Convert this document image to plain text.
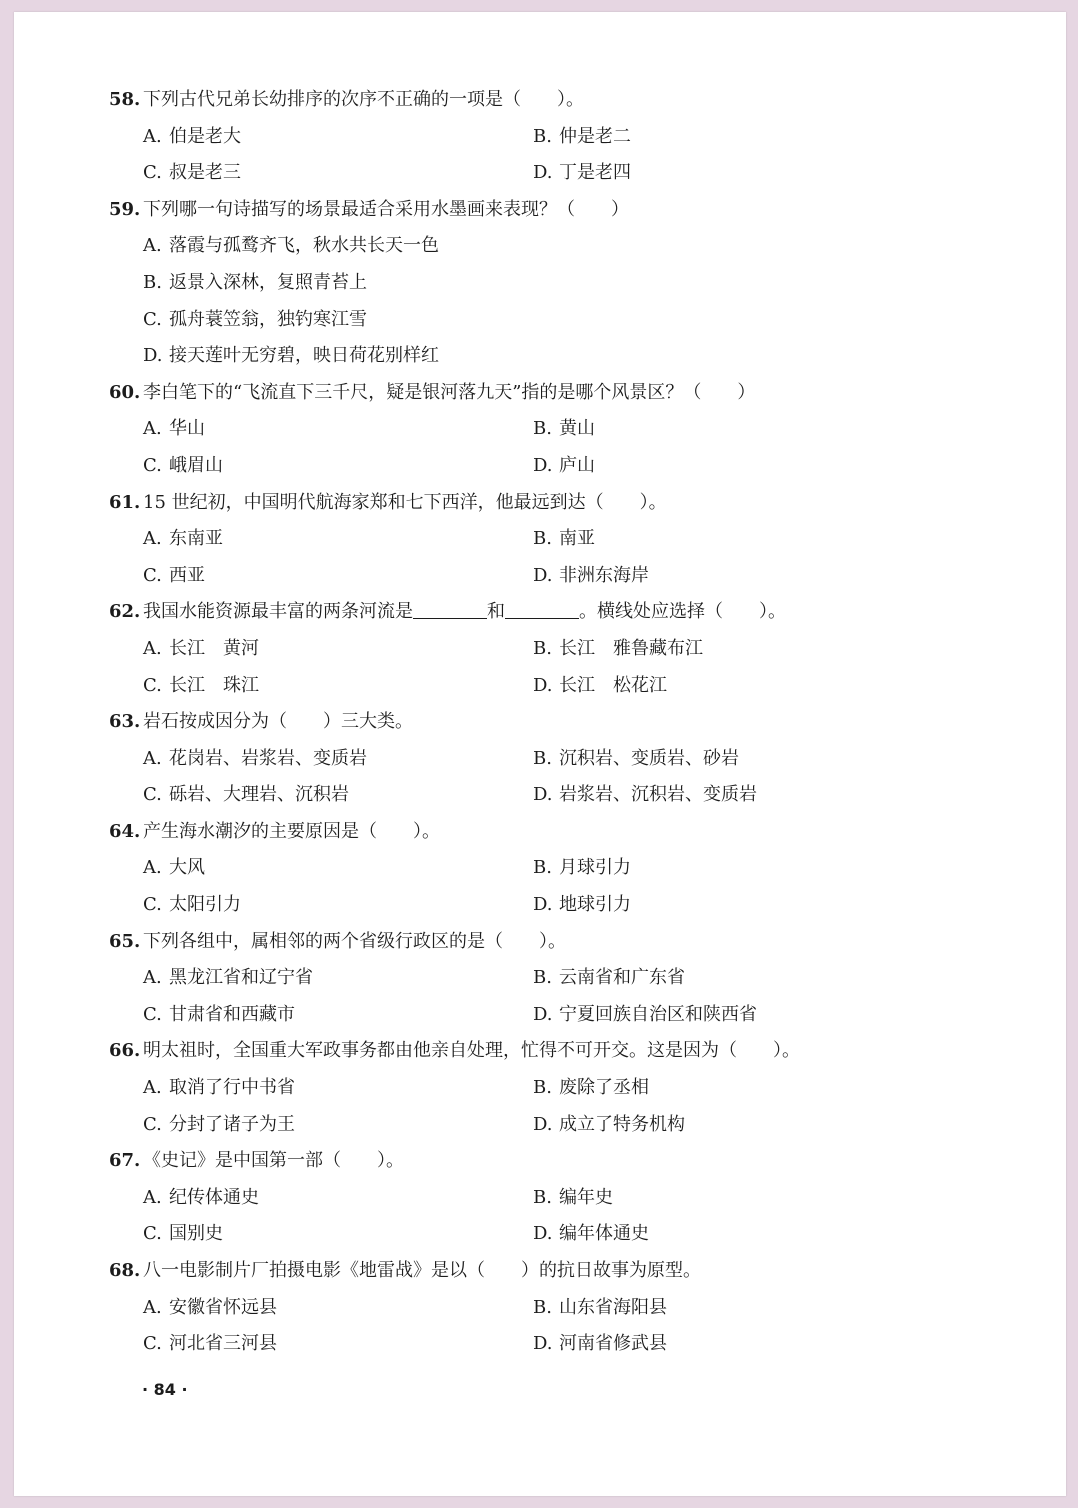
58. 下列古代兄弟长幼排序的次序不正确的一项是（　　）。
A. 伯是老大	B. 仲是老二
C. 叔是老三	D. 丁是老四
59. 下列哪一句诗描写的场景最适合采用水墨画来表现？（　　）
A. 落霞与孤鹜齐飞，秋水共长天一色
B. 返景入深林，复照青苔上
C. 孤舟蓑笠翁，独钓寒江雪
D. 接天莲叶无穷碧，映日荷花别样红
60. 李白笔下的“飞流直下三千尺，疑是银河落九天”指的是哪个风景区？（　　）
A. 华山	B. 黄山
C. 峨眉山	D. 庐山
61. 15 世纪初，中国明代航海家郑和七下西洋，他最远到达（　　）。
A. 东南亚	B. 南亚
C. 西亚	D. 非洲东海岸
62. 我国水能资源最丰富的两条河流是	和	。横线处应选择（　　）。
A. 长江　黄河	B. 长江　雅鲁藏布江
C. 长江　珠江	D. 长江　松花江
63. 岩石按成因分为（　　）三大类。
A. 花岗岩、岩浆岩、变质岩	B. 沉积岩、变质岩、砂岩
C. 砾岩、大理岩、沉积岩	D. 岩浆岩、沉积岩、变质岩
64. 产生海水潮汐的主要原因是（　　）。
A. 大风	B. 月球引力
C. 太阳引力	D. 地球引力
65. 下列各组中，属相邻的两个省级行政区的是（　　）。
A. 黑龙江省和辽宁省	B. 云南省和广东省
C. 甘肃省和西藏市	D. 宁夏回族自治区和陕西省
66. 明太祖时，全国重大军政事务都由他亲自处理，忙得不可开交。这是因为（　　）。
A. 取消了行中书省	B. 废除了丞相
C. 分封了诸子为王	D. 成立了特务机构
67. 《史记》是中国第一部（　　）。
A. 纪传体通史	B. 编年史
C. 国别史	D. 编年体通史
68. 八一电影制片厂拍摄电影《地雷战》是以（　　）的抗日故事为原型。
A. 安徽省怀远县	B. 山东省海阳县
C. 河北省三河县	D. 河南省修武县
· 84 ·
